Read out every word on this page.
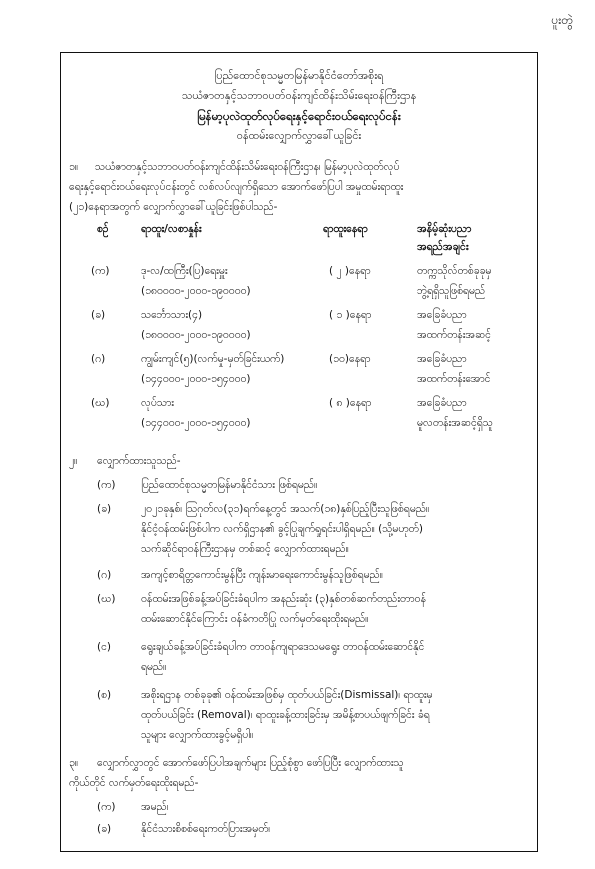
ပူးတွဲ
ပြည်ထောင်စုသမ္မတမြန်မာနိုင်ငံတော်အစိုးရ
သယံဇာတနှင့်သဘာဝပတ်ဝန်းကျင်ထိန်းသိမ်းရေးဝန်ကြီးဌာန
မြန်မာ့ပုလဲထုတ်လုပ်ရေးနှင့်ရောင်းဝယ်ရေးလုပ်ငန်း
ဝန်ထမ်းလျှောက်လွှာခေါ်ယူခြင်း
၁။ သယံဇာတနှင့်သဘာဝပတ်ဝန်းကျင်ထိန်းသိမ်းရေးဝန်ကြီးဌာန၊ မြန်မာ့ပုလဲထုတ်လုပ်
ရေးနှင့်ရောင်းဝယ်ရေးလုပ်ငန်းတွင် လစ်လပ်လျက်ရှိသော အောက်ဖော်ပြပါ အမှုထမ်းရာထူး
(၂၁)နေရာအတွက် လျှောက်လွှာခေါ်ယူခြင်းဖြစ်ပါသည်-
စဉ်	ရာထူး/လစာနှုန်း	ရာထူးနေရာ	အနိမ့်ဆုံးပညာ
အရည်အချင်း
(က)	ဒု-လ/ထကြီး(ပြ)ရေးမှူး
(၁၈၀၀၀၀-၂၀၀၀-၁၉၀၀၀၀)
( ၂ )နေရာ	တက္ကသိုလ်တစ်ခုခုမှ
ဘွဲ့ရရှိသူဖြစ်ရမည်
(ခ)	သင်္ဘောသား(၄)
(၁၈၀၀၀၀-၂၀၀၀-၁၉၀၀၀၀)
( ၁ )နေရာ	အခြေခံပညာ
အထက်တန်းအဆင့်
(ဂ)	ကျွမ်းကျင်(၅)(လက်မှု-မှတ်ခြင်းယက်)
(၁၄၄၀၀၀-၂၀၀၀-၁၅၄၀၀၀)
(၁၀)နေရာ	အခြေခံပညာ
အထက်တန်းအောင်
(ဃ)	လုပ်သား
(၁၄၄၀၀၀-၂၀၀၀-၁၅၄၀၀၀)
( ၈ )နေရာ	အခြေခံပညာ
မူလတန်းအဆင့်ရှိသူ
၂။ လျှောက်ထားသူသည်-
(က) ပြည်ထောင်စုသမ္မတမြန်မာနိုင်ငံသား ဖြစ်ရမည်။
(ခ)	၂၀၂၁ခုနှစ်၊ ဩဂုတ်လ(၃၁)ရက်နေ့တွင် အသက်(၁၈)နှစ်ပြည့်ပြီးသူဖြစ်ရမည်။
နိုင်ငံ့ဝန်ထမ်းဖြစ်ပါက လက်ရှိဌာန၏ ခွင့်ပြုချက်ရှုရင်းပါရှိရမည်။ (သို့မဟုတ်)
သက်ဆိုင်ရာဝန်ကြီးဌာနမှ တစ်ဆင့် လျှောက်ထားရမည်။
(ဂ)	အကျင့်စာရိတ္တကောင်းမွန်ပြီး ကျန်းမာရေးကောင်းမွန်သူဖြစ်ရမည်။
(ဃ) ဝန်ထမ်းအဖြစ်ခန့်အပ်ခြင်းခံရပါက အနည်းဆုံး (၃)နှစ်တစ်ဆက်တည်းတာဝန်
ထမ်းဆောင်နိုင်ကြောင်း ဝန်ခံကတိပြု လက်မှတ်ရေးထိုးရမည်။
(င)	ရွေးချယ်ခန့်အပ်ခြင်းခံရပါက တာဝန်ကျရာဒေသမရွေး တာဝန်ထမ်းဆောင်နိုင်
ရမည်။
(စ)	အစိုးရဌာန တစ်ခုခု၏ ဝန်ထမ်းအဖြစ်မှ ထုတ်ပယ်ခြင်း(Dismissal)၊ ရာထူးမှ
ထုတ်ပယ်ခြင်း (Removal)၊ ရာထူးခန့်ထားခြင်းမှ အမိန့်စာပယ်ဖျက်ခြင်း ခံရ
သူများ လျှောက်ထားခွင့်မရှိပါ။
၃။ လျှောက်လွှာတွင် အောက်ဖော်ပြပါအချက်များ ပြည့်စုံစွာ ဖော်ပြပြီး လျှောက်ထားသူ
ကိုယ်တိုင် လက်မှတ်ရေးထိုးရမည်-
(က) အမည်၊
(ခ)	နိုင်ငံသားစိစစ်ရေးကတ်ပြားအမှတ်၊
